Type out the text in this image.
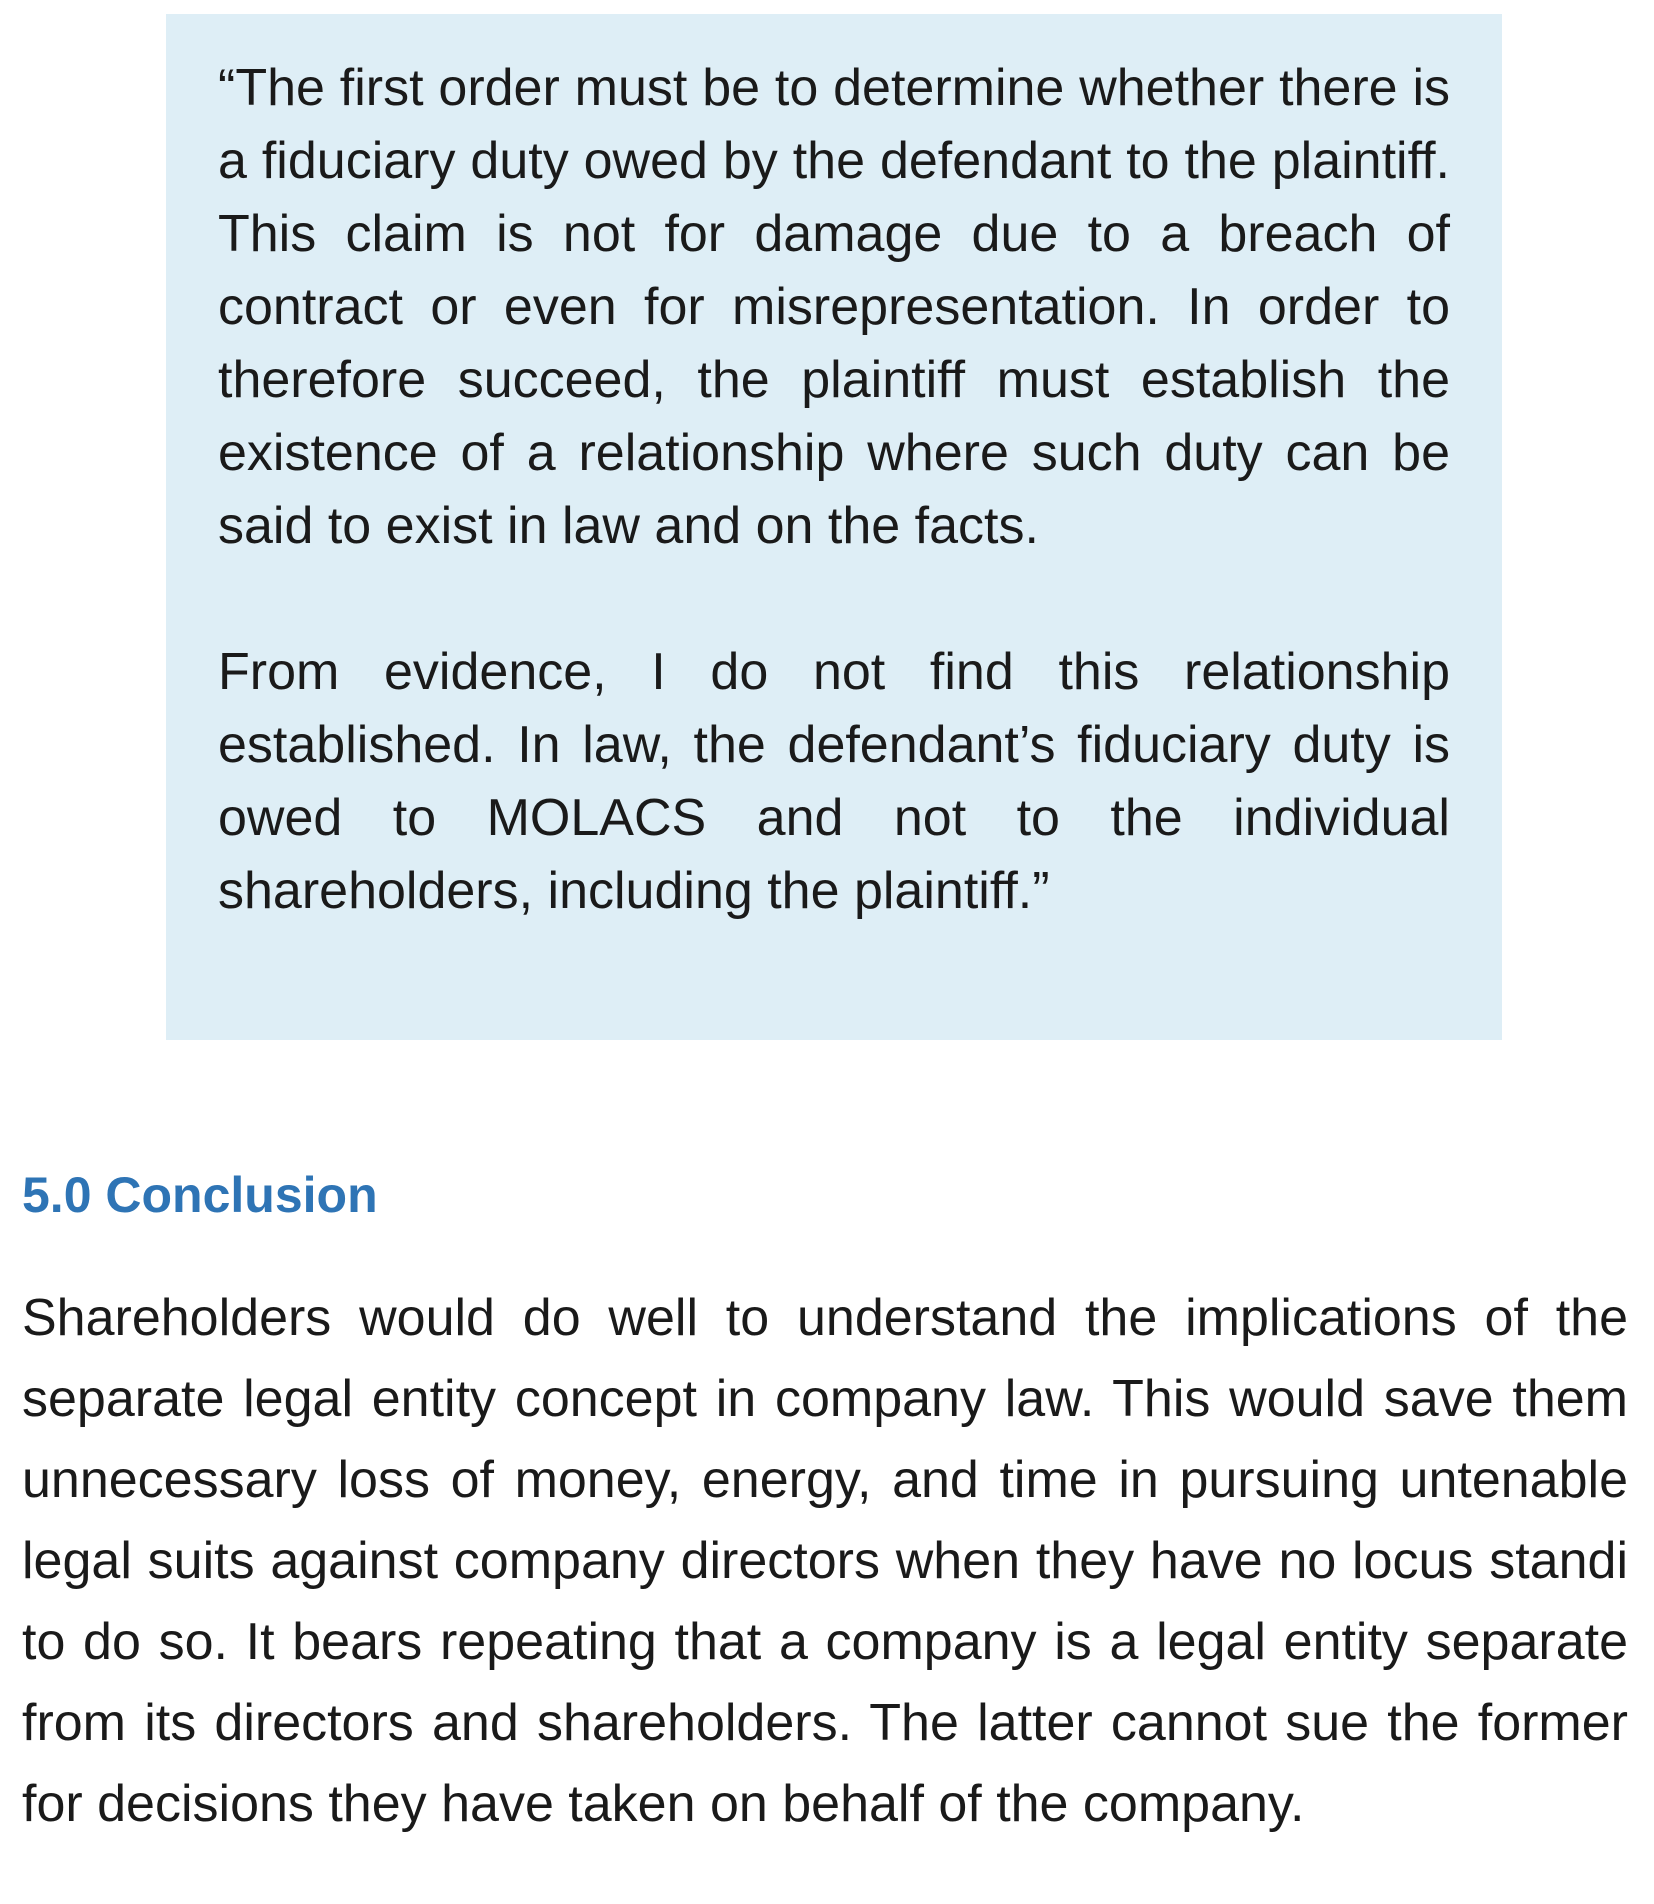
“The first order must be to determine whether there is a fiduciary duty owed by the defendant to the plaintiff. This claim is not for damage due to a breach of contract or even for misrepresentation. In order to therefore succeed, the plaintiff must establish the existence of a relationship where such duty can be said to exist in law and on the facts.

From evidence, I do not find this relationship established. In law, the defendant’s fiduciary duty is owed to MOLACS and not to the individual shareholders, including the plaintiff.”

5.0 Conclusion

Shareholders would do well to understand the implications of the separate legal entity concept in company law. This would save them unnecessary loss of money, energy, and time in pursuing untenable legal suits against company directors when they have no locus standi to do so. It bears repeating that a company is a legal entity separate from its directors and shareholders. The latter cannot sue the former for decisions they have taken on behalf of the company.
